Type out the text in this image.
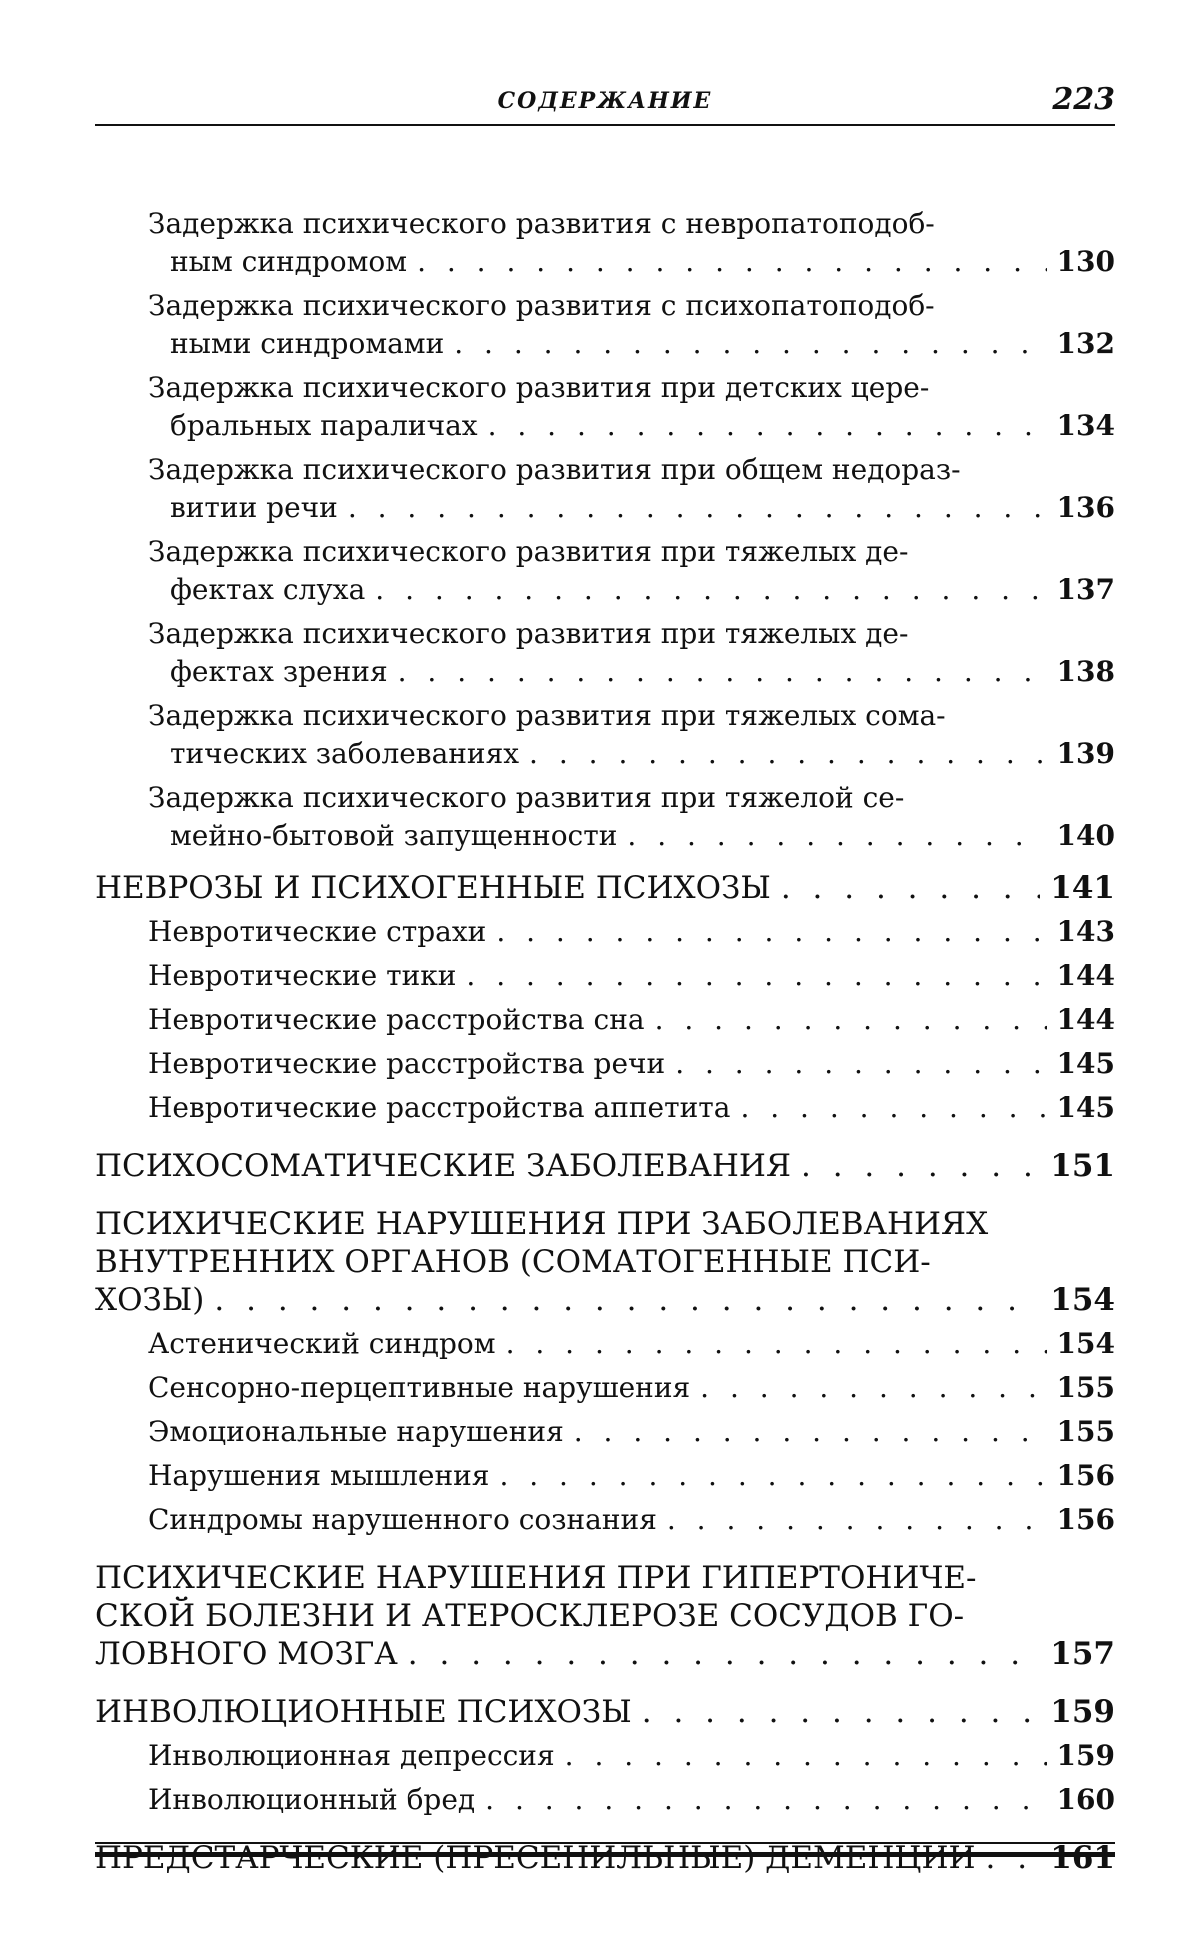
СОДЕРЖАНИЕ	223
Задержка психического развития с невропатоподоб-
ным синдромом . . .	130
Задержка психического развития с психопатоподоб-
ными синдромами . . .	132
Задержка психического развития при детских цере-
бральных параличах . . .	134
Задержка психического развития при общем недораз-
витии речи . . .	136
Задержка психического развития при тяжелых де-
фектах слуха . . .	137
Задержка психического развития при тяжелых де-
фектах зрения . . .	138
Задержка психического развития при тяжелых сома-
тических заболеваниях . . .	139
Задержка психического развития при тяжелой се-
мейно-бытовой запущенности . . .	140
НЕВРОЗЫ И ПСИХОГЕННЫЕ ПСИХОЗЫ . . .	141
Невротические страхи . . .	143
Невротические тики . . .	144
Невротические расстройства сна . . .	144
Невротические расстройства речи . . .	145
Невротические расстройства аппетита . . .	145
ПСИХОСОМАТИЧЕСКИЕ ЗАБОЛЕВАНИЯ . . .	151
ПСИХИЧЕСКИЕ НАРУШЕНИЯ ПРИ ЗАБОЛЕВАНИЯХ
ВНУТРЕННИХ ОРГАНОВ (СОМАТОГЕННЫЕ ПСИ-
ХОЗЫ) . . .	154
Астенический синдром . . .	154
Сенсорно-перцептивные нарушения . . .	155
Эмоциональные нарушения . . .	155
Нарушения мышления . . .	156
Синдромы нарушенного сознания . . .	156
ПСИХИЧЕСКИЕ НАРУШЕНИЯ ПРИ ГИПЕРТОНИЧЕ-
СКОЙ БОЛЕЗНИ И АТЕРОСКЛЕРОЗЕ СОСУДОВ ГО-
ЛОВНОГО МОЗГА . . .	157
ИНВОЛЮЦИОННЫЕ ПСИХОЗЫ . . .	159
Инволюционная депрессия . . .	159
Инволюционный бред . . .	160
ПРЕДСТАРЧЕСКИЕ (ПРЕСЕНИЛЬНЫЕ) ДЕМЕНЦИИ . . . 161
